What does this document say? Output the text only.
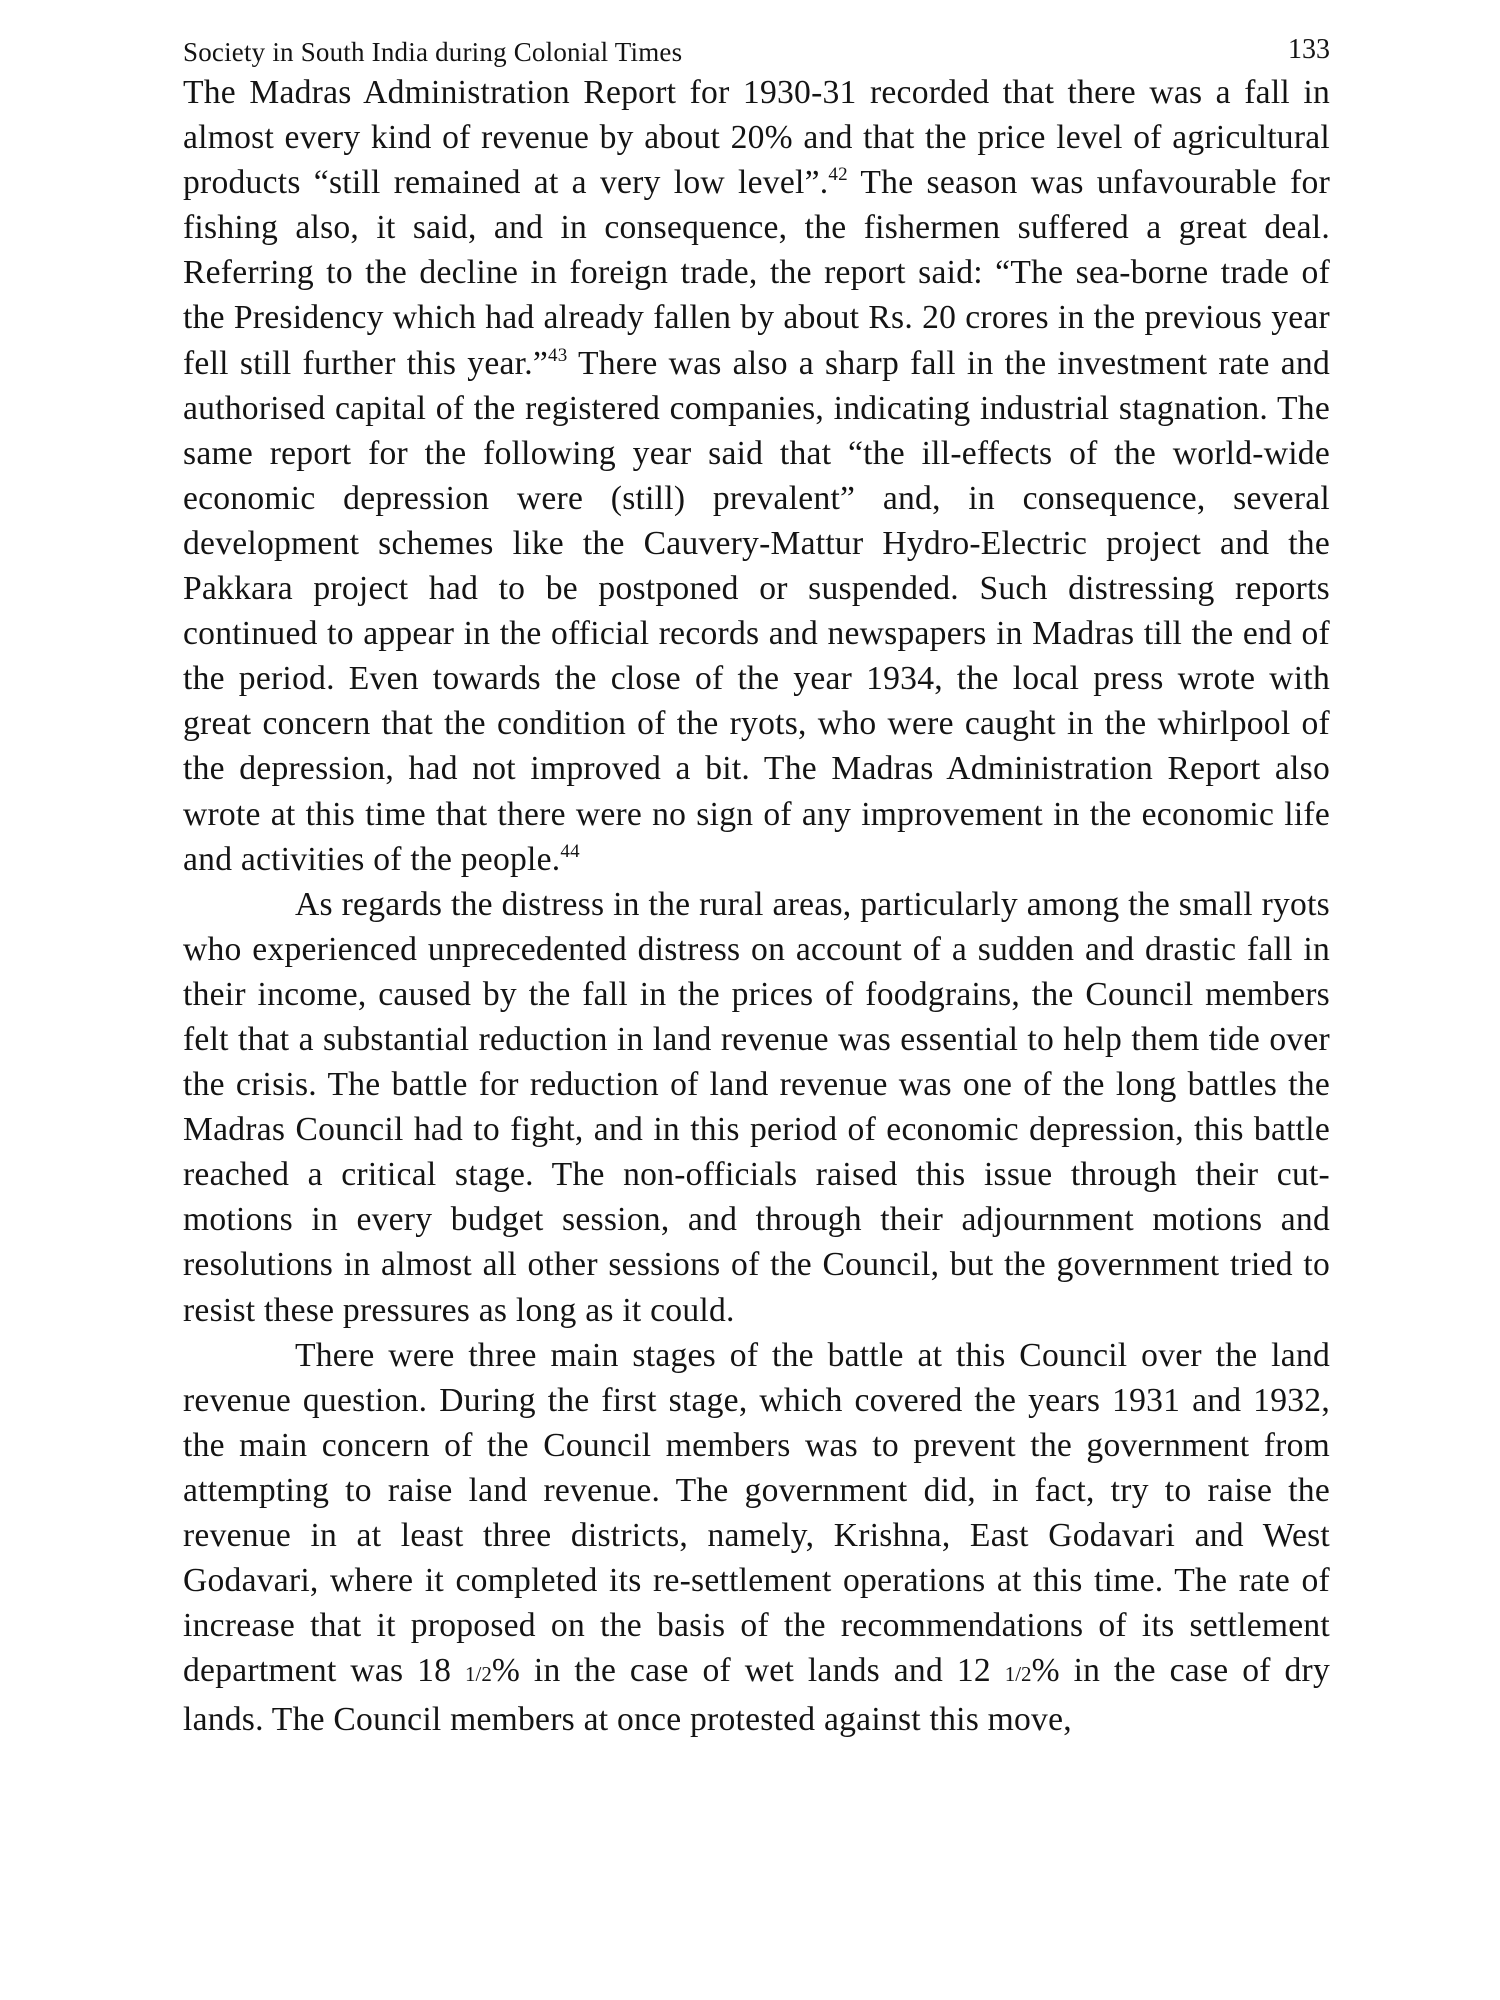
Society in South India during Colonial Times	133

The Madras Administration Report for 1930-31 recorded that there was a fall in almost every kind of revenue by about 20% and that the price level of agricultural products “still remained at a very low level”.$^{42}$ The season was unfavourable for fishing also, it said, and in consequence, the fishermen suffered a great deal. Referring to the decline in foreign trade, the report said: “The sea-borne trade of the Presidency which had already fallen by about Rs. 20 crores in the previous year fell still further this year.”$^{43}$ There was also a sharp fall in the investment rate and authorised capital of the registered companies, indicating industrial stagnation. The same report for the following year said that “the ill-effects of the world-wide economic depression were (still) prevalent” and, in consequence, several development schemes like the Cauvery-Mattur Hydro-Electric project and the Pakkara project had to be postponed or suspended. Such distressing reports continued to appear in the official records and newspapers in Madras till the end of the period. Even towards the close of the year 1934, the local press wrote with great concern that the condition of the ryots, who were caught in the whirlpool of the depression, had not improved a bit. The Madras Administration Report also wrote at this time that there were no sign of any improvement in the economic life and activities of the people.$^{44}$

As regards the distress in the rural areas, particularly among the small ryots who experienced unprecedented distress on account of a sudden and drastic fall in their income, caused by the fall in the prices of foodgrains, the Council members felt that a substantial reduction in land revenue was essential to help them tide over the crisis. The battle for reduction of land revenue was one of the long battles the Madras Council had to fight, and in this period of economic depression, this battle reached a critical stage. The non-officials raised this issue through their cut-motions in every budget session, and through their adjournment motions and resolutions in almost all other sessions of the Council, but the government tried to resist these pressures as long as it could.

There were three main stages of the battle at this Council over the land revenue question. During the first stage, which covered the years 1931 and 1932, the main concern of the Council members was to prevent the government from attempting to raise land revenue. The government did, in fact, try to raise the revenue in at least three districts, namely, Krishna, East Godavari and West Godavari, where it completed its re-settlement operations at this time. The rate of increase that it proposed on the basis of the recommendations of its settlement department was 18 1/2% in the case of wet lands and 12 1/2% in the case of dry lands. The Council members at once protested against this move,
